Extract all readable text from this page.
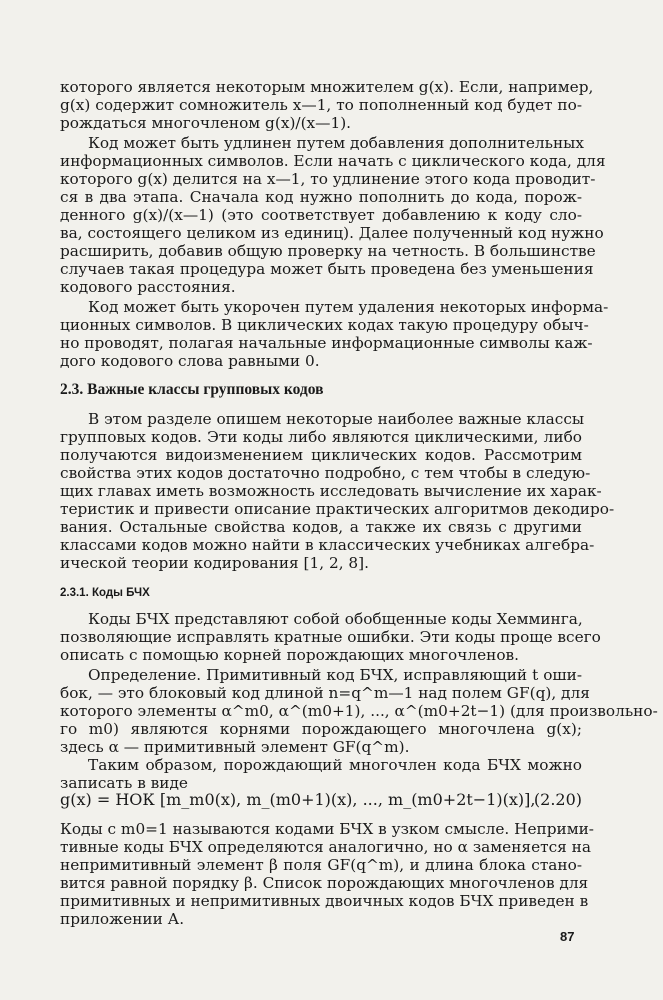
которого является некоторым множителем g(x). Если, например,
g(x) содержит сомножитель x—1, то пополненный код будет по-
рождаться многочленом g(x)/(x—1).
Код может быть удлинен путем добавления дополнительных
информационных символов. Если начать с циклического кода, для
которого g(x) делится на x—1, то удлинение этого кода проводит-
ся в два этапа. Сначала код нужно пополнить до кода, порож-
денного g(x)/(x—1) (это соответствует добавлению к коду сло-
ва, состоящего целиком из единиц). Далее полученный код нужно
расширить, добавив общую проверку на четность. В большинстве
случаев такая процедура может быть проведена без уменьшения
кодового расстояния.
Код может быть укорочен путем удаления некоторых информа-
ционных символов. В циклических кодах такую процедуру обыч-
но проводят, полагая начальные информационные символы каж-
дого кодового слова равными 0.
2.3. Важные классы групповых кодов
В этом разделе опишем некоторые наиболее важные классы
групповых кодов. Эти коды либо являются циклическими, либо
получаются видоизменением циклических кодов. Рассмотрим
свойства этих кодов достаточно подробно, с тем чтобы в следую-
щих главах иметь возможность исследовать вычисление их харак-
теристик и привести описание практических алгоритмов декодиро-
вания. Остальные свойства кодов, а также их связь с другими
классами кодов можно найти в классических учебниках алгебра-
ической теории кодирования [1, 2, 8].
2.3.1. Коды БЧХ
Коды БЧХ представляют собой обобщенные коды Хемминга,
позволяющие исправлять кратные ошибки. Эти коды проще всего
описать с помощью корней порождающих многочленов.
Определение. Примитивный код БЧХ, исправляющий t оши-
бок, — это блоковый код длиной n=q^m—1 над полем GF(q), для
которого элементы α^m0, α^(m0+1), ..., α^(m0+2t−1) (для произвольно-
го m0) являются корнями порождающего многочлена g(x);
здесь α — примитивный элемент GF(q^m).
Таким образом, порождающий многочлен кода БЧХ можно
записать в виде
g(x) = НОК [m_m0(x), m_(m0+1)(x), ..., m_(m0+2t−1)(x)],
(2.20)
Коды с m0=1 называются кодами БЧХ в узком смысле. Неприми-
тивные коды БЧХ определяются аналогично, но α заменяется на
непримитивный элемент β поля GF(q^m), и длина блока стано-
вится равной порядку β. Список порождающих многочленов для
примитивных и непримитивных двоичных кодов БЧХ приведен в
приложении А.
87
